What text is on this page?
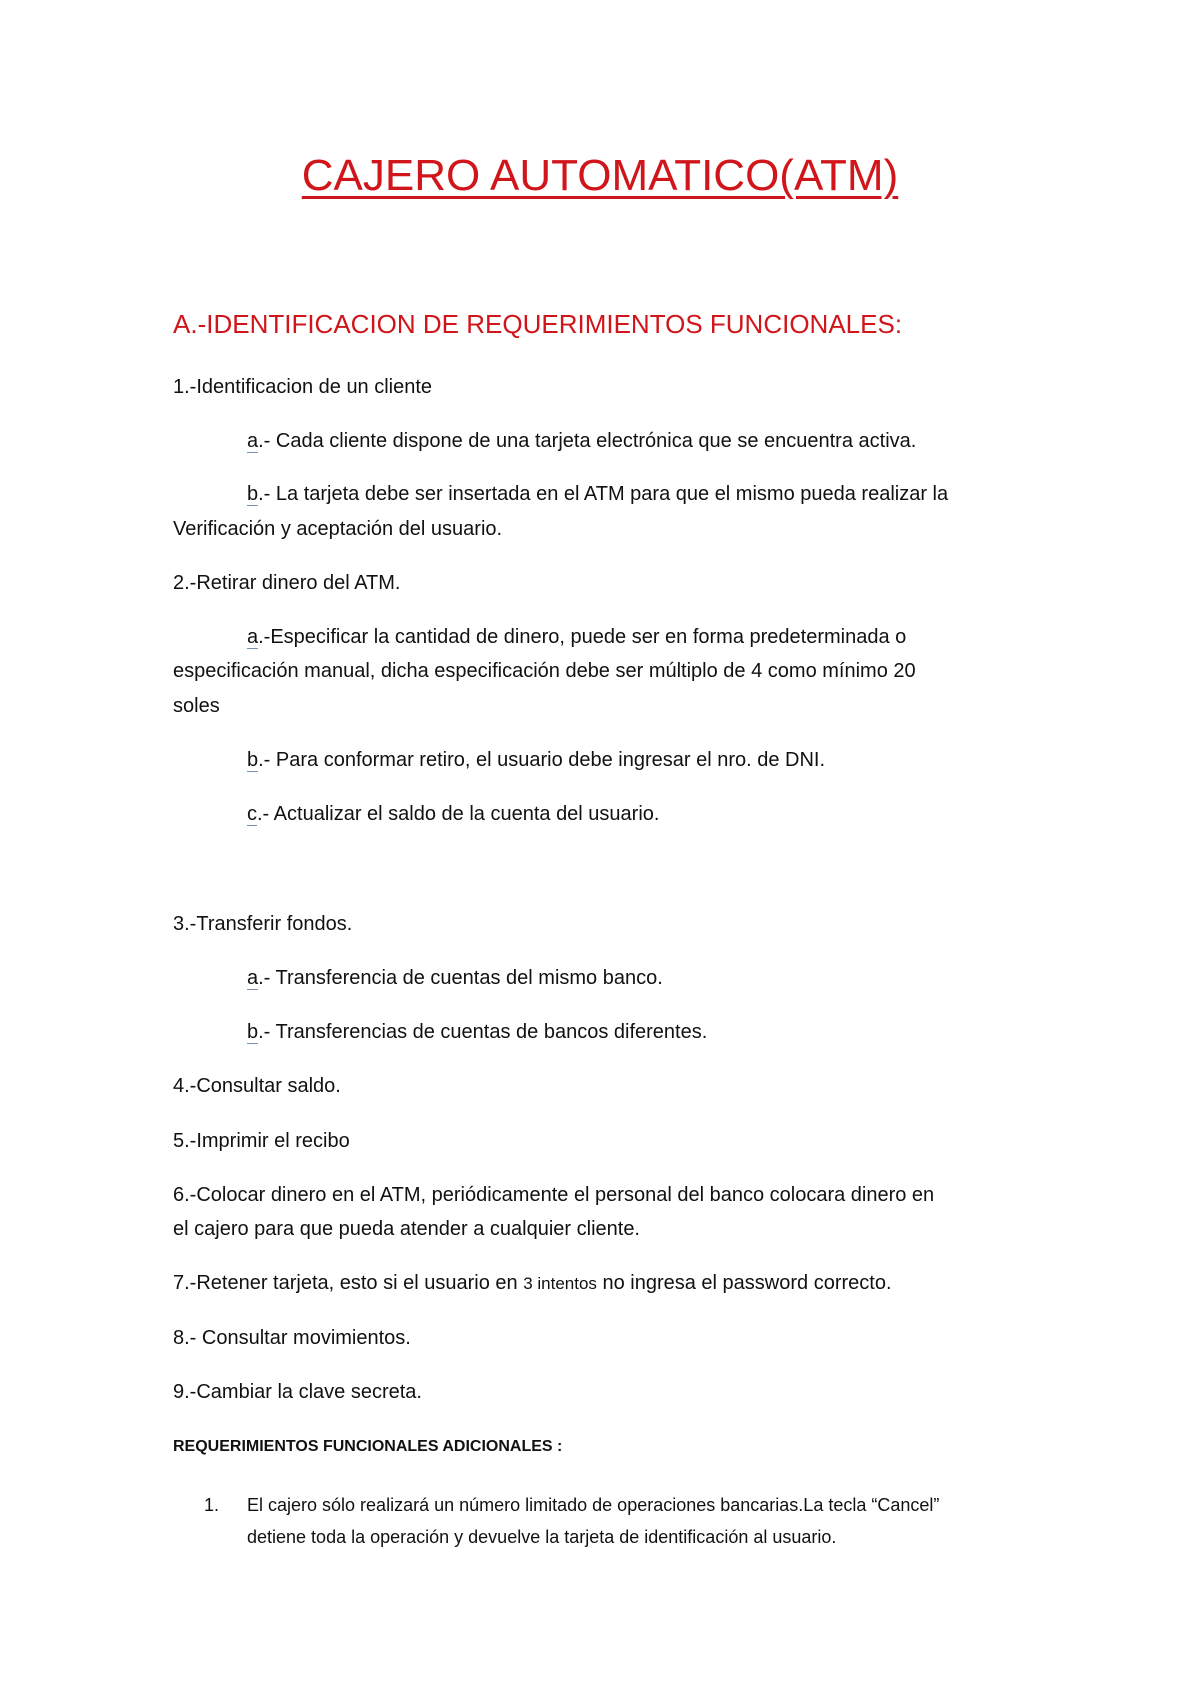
CAJERO AUTOMATICO(ATM)
A.-IDENTIFICACION DE REQUERIMIENTOS FUNCIONALES:
1.-Identificacion de un cliente
a.- Cada cliente dispone de una tarjeta electrónica que se encuentra activa.
b.- La tarjeta debe ser insertada en el ATM para que el mismo pueda realizar la
Verificación y aceptación del usuario.
2.-Retirar dinero del ATM.
a.-Especificar la cantidad de dinero, puede ser en forma predeterminada o
especificación manual, dicha especificación debe ser múltiplo de 4 como mínimo 20
soles
b.- Para conformar retiro, el usuario debe ingresar el nro. de DNI.
c.- Actualizar el saldo de la cuenta del usuario.
3.-Transferir fondos.
a.- Transferencia de cuentas del mismo banco.
b.- Transferencias de cuentas de bancos diferentes.
4.-Consultar saldo.
5.-Imprimir el recibo
6.-Colocar dinero en el ATM, periódicamente el personal del banco colocara dinero en
el cajero para que pueda atender a cualquier cliente.
7.-Retener tarjeta, esto si el usuario en 3 intentos no ingresa el password correcto.
8.- Consultar movimientos.
9.-Cambiar la clave secreta.
REQUERIMIENTOS FUNCIONALES ADICIONALES :
1. El cajero sólo realizará un número limitado de operaciones bancarias.La tecla “Cancel”
detiene toda la operación y devuelve la tarjeta de identificación al usuario.
